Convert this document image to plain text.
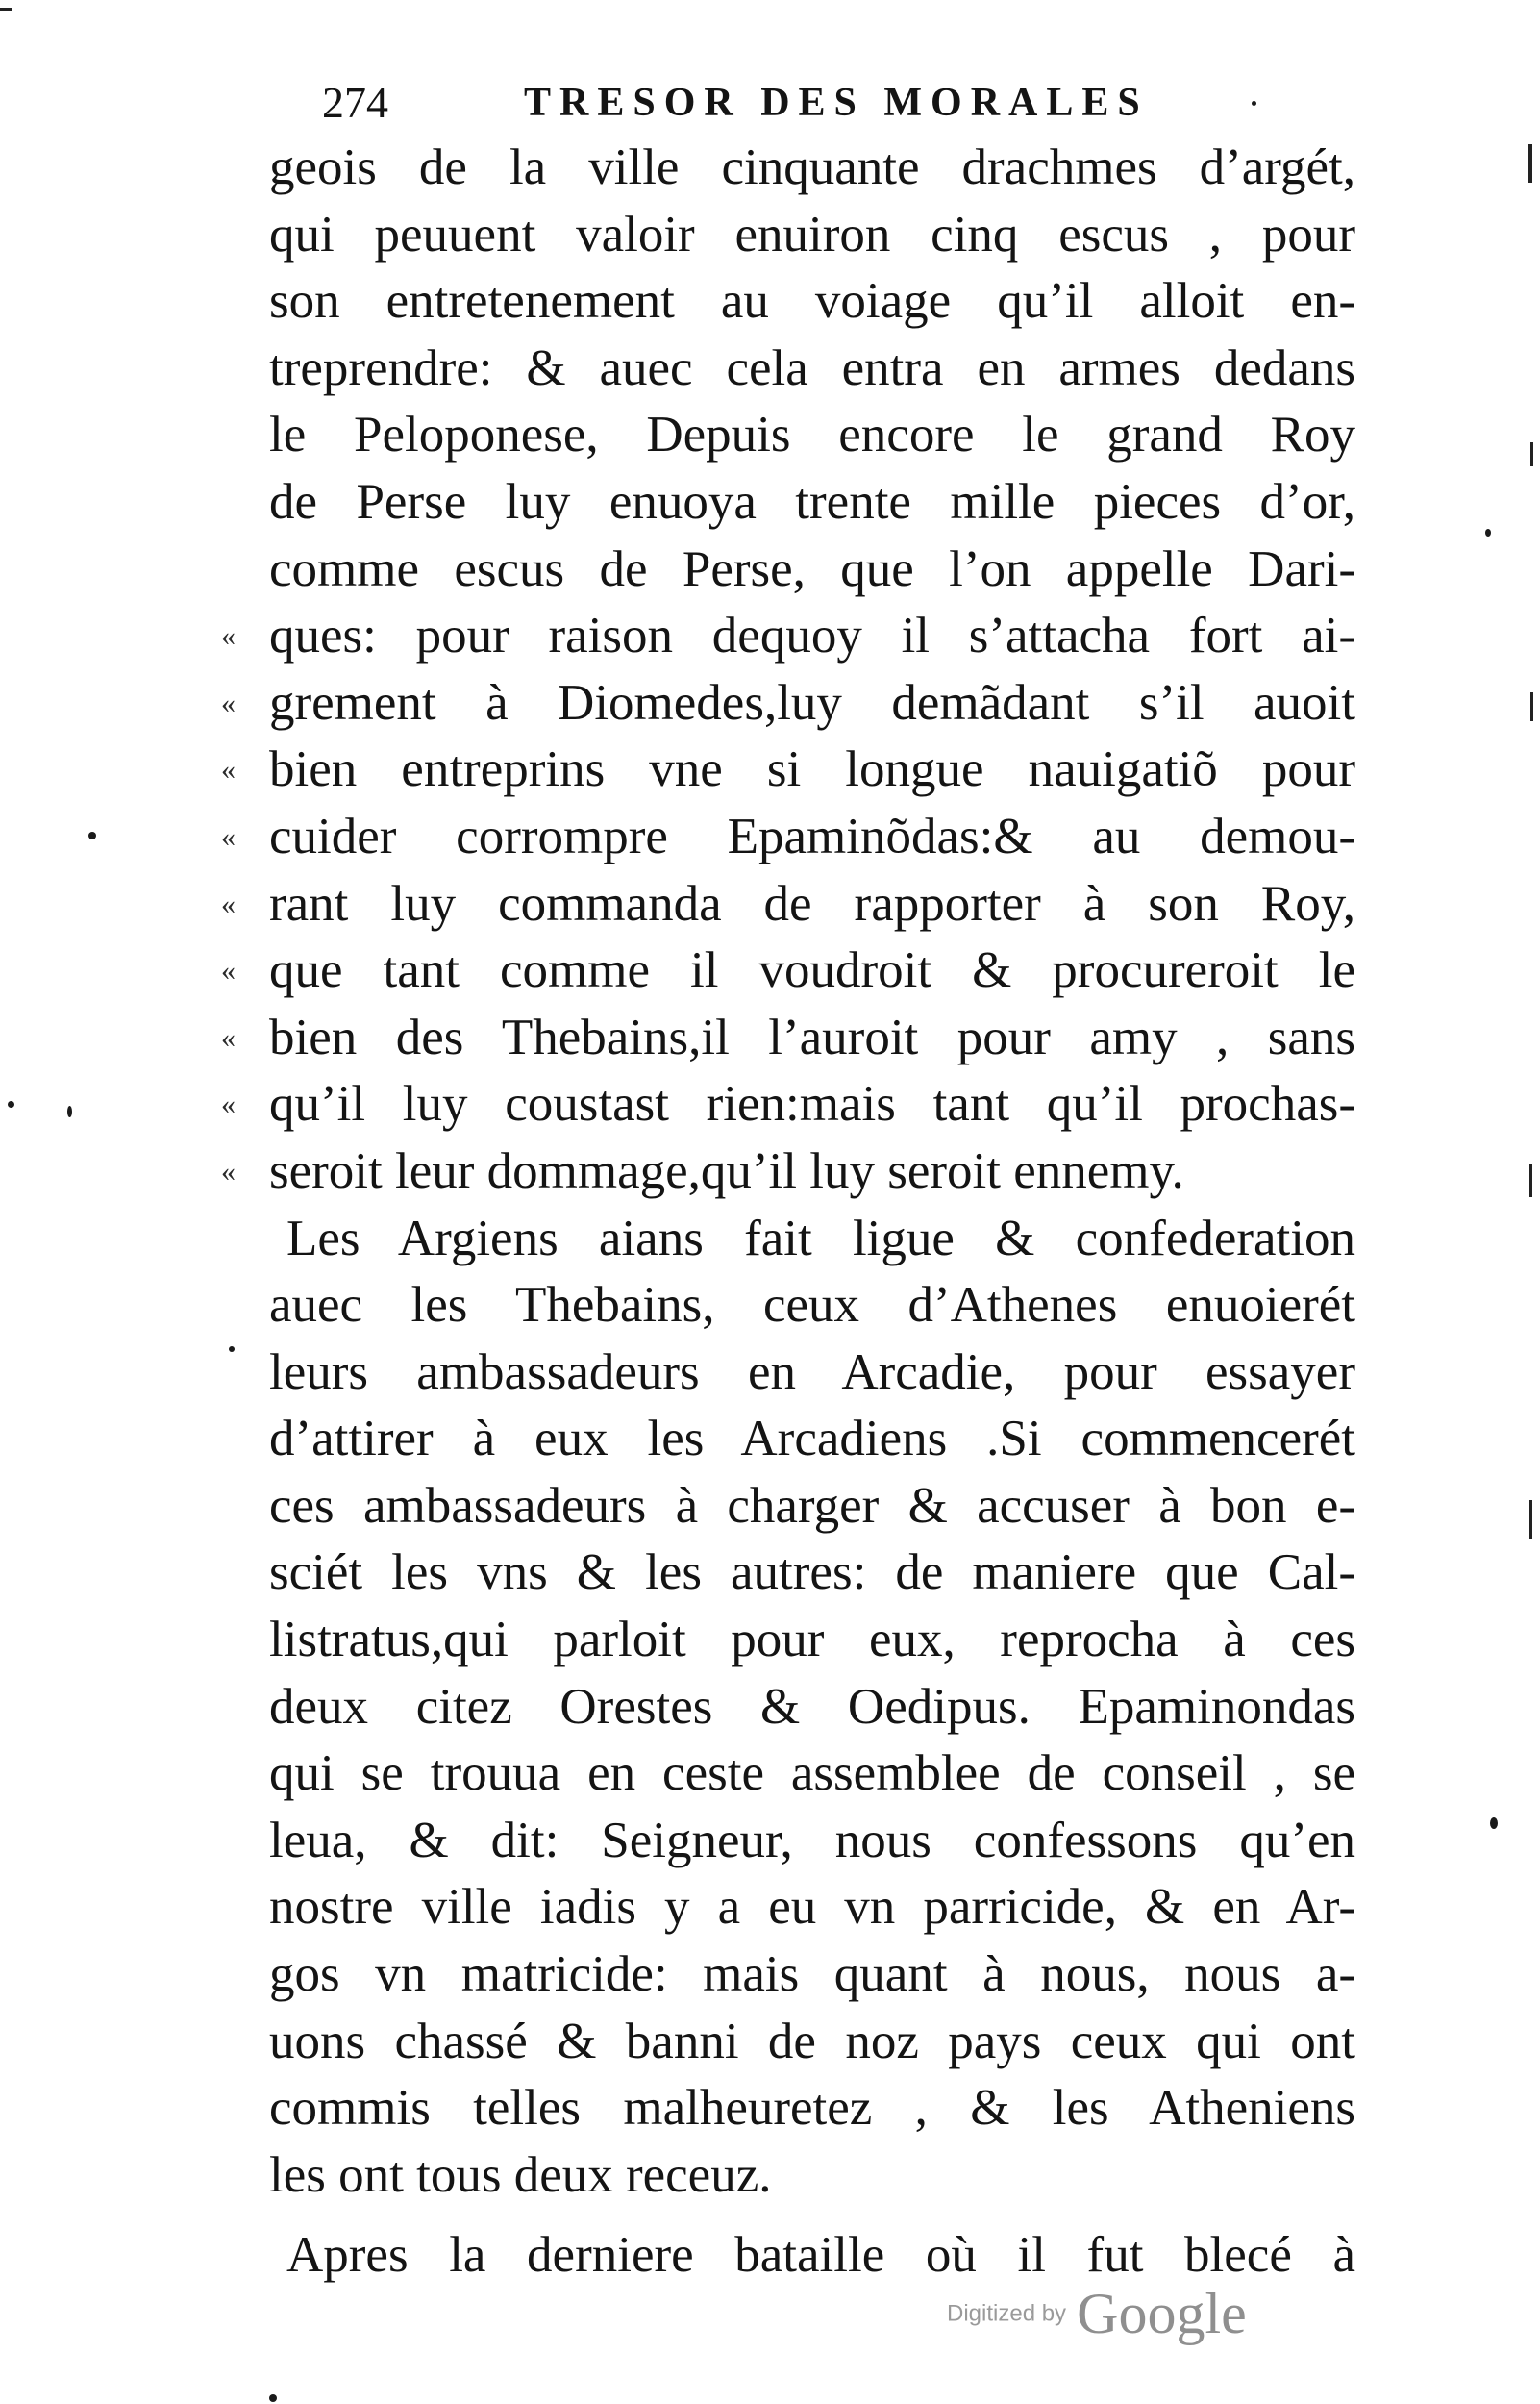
274	TRESOR DES MORALES
geois de la ville cinquante drachmes d’argét,
qui peuuent valoir enuiron cinq escus , pour
son entretenement au voiage qu’il alloit en-
treprendre: & auec cela entra en armes dedans
le Peloponese, Depuis encore le grand Roy
de Perse luy enuoya trente mille pieces d’or,
comme escus de Perse, que l’on appelle Dari-
« ques: pour raison dequoy il s’attacha fort ai-
« grement à Diomedes,luy demãdant s’il auoit
« bien entreprins vne si longue nauigatiõ pour
« cuider corrompre Epaminõdas:& au demou-
« rant luy commanda de rapporter à son Roy,
« que tant comme il voudroit & procureroit le
« bien des Thebains,il l’auroit pour amy , sans
« qu’il luy coustast rien:mais tant qu’il prochas-
« seroit leur dommage,qu’il luy seroit ennemy.
Les Argiens aians fait ligue & confederation
auec les Thebains, ceux d’Athenes enuoierét
leurs ambassadeurs en Arcadie, pour essayer
d’attirer à eux les Arcadiens .Si commencerét
ces ambassadeurs à charger & accuser à bon e-
sciét les vns & les autres: de maniere que Cal-
listratus,qui parloit pour eux, reprocha à ces
deux citez Orestes & Oedipus. Epaminondas
qui se trouua en ceste assemblee de conseil , se
leua, & dit: Seigneur, nous confessons qu’en
nostre ville iadis y a eu vn parricide, & en Ar-
gos vn matricide: mais quant à nous, nous a-
uons chassé & banni de noz pays ceux qui ont
commis telles malheuretez , & les Atheniens
les ont tous deux receuz.
Apres la derniere bataille où il fut blecé à
Digitized by Google
